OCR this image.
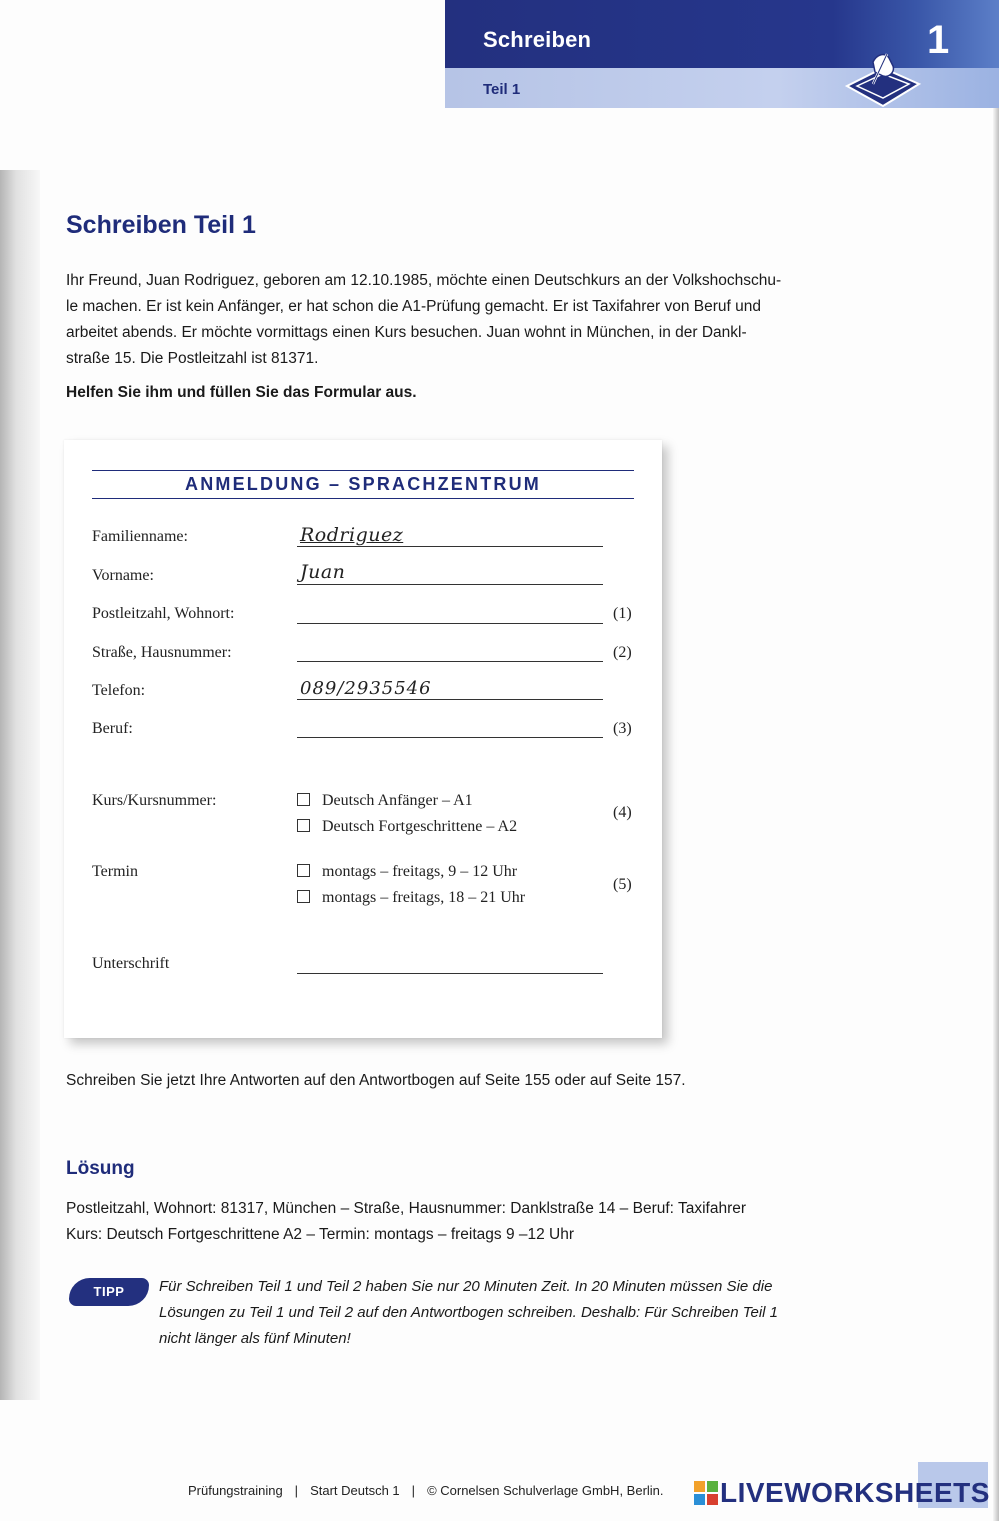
Schreiben
Teil 1
1
Schreiben Teil 1
Ihr Freund, Juan Rodriguez, geboren am 12.10.1985, möchte einen Deutschkurs an der Volkshochschu-
le machen. Er ist kein Anfänger, er hat schon die A1-Prüfung gemacht. Er ist Taxifahrer von Beruf und
arbeitet abends. Er möchte vormittags einen Kurs besuchen. Juan wohnt in München, in der Dankl-
straße 15. Die Postleitzahl ist 81371.

Helfen Sie ihm und füllen Sie das Formular aus.

ANMELDUNG – SPRACHZENTRUM
Familienname:	Rodriguez
Vorname:	Juan
Postleitzahl, Wohnort:	(1)
Straße, Hausnummer:	(2)
Telefon:	089/2935546
Beruf:	(3)
Kurs/Kursnummer:	Deutsch Anfänger – A1
Deutsch Fortgeschrittene – A2
(4)
Termin	montags – freitags, 9 – 12 Uhr
montags – freitags, 18 – 21 Uhr
(5)
Unterschrift

Schreiben Sie jetzt Ihre Antworten auf den Antwortbogen auf Seite 155 oder auf Seite 157.

Lösung

Postleitzahl, Wohnort: 81317, München – Straße, Hausnummer: Danklstraße 14 – Beruf: Taxifahrer

Kurs: Deutsch Fortgeschrittene A2 – Termin: montags – freitags 9 –12 Uhr

TIPP	Für Schreiben Teil 1 und Teil 2 haben Sie nur 20 Minuten Zeit. In 20 Minuten müssen Sie die
Lösungen zu Teil 1 und Teil 2 auf den Antwortbogen schreiben. Deshalb: Für Schreiben Teil 1
nicht länger als fünf Minuten!
Prüfungstraining | Start Deutsch 1 | © Cornelsen Schulverlage GmbH, Berlin.	LIVEWORKSHEETS
